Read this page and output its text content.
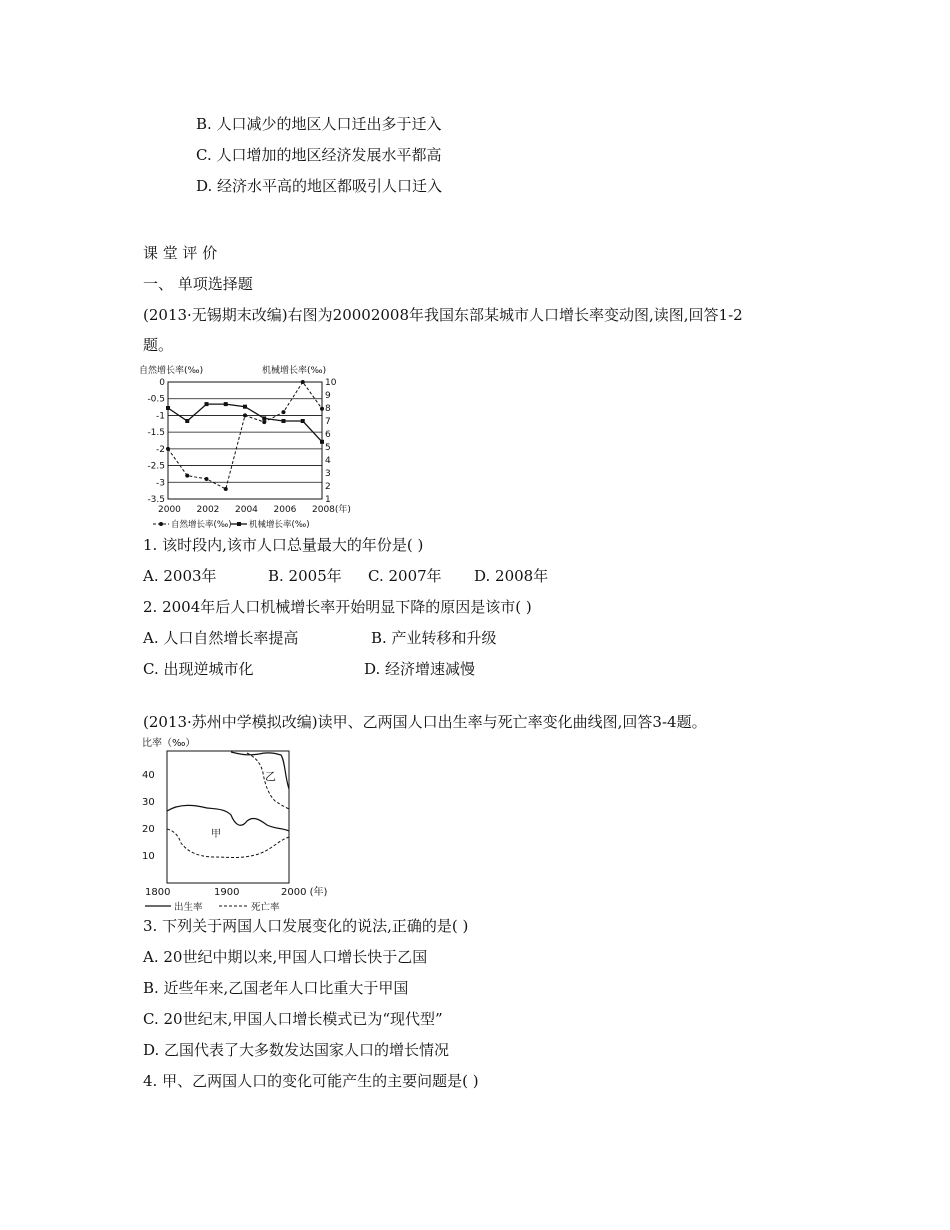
B. 人口减少的地区人口迁出多于迁入
C. 人口增加的地区经济发展水平都高
D. 经济水平高的地区都吸引人口迁入
课 堂 评 价
一、 单项选择题
(2013·无锡期末改编)右图为20002008年我国东部某城市人口增长率变动图,读图,回答1-2
题。
自然增长率(‰)	机械增长率(‰)
0
-0.5
-1
-1.5
-2
-2.5
-3
-3.5
10
9
8
7
6
5
4
3
2
1
2000 2002 2004 2006 2008(年)
自然增长率(‰) 机械增长率(‰)
1. 该时段内,该市人口总量最大的年份是( )
A. 2003年	B. 2005年 C. 2007年 D. 2008年
2. 2004年后人口机械增长率开始明显下降的原因是该市( )
A. 人口自然增长率提高	B. 产业转移和升级
C. 出现逆城市化	D. 经济增速减慢
(2013·苏州中学模拟改编)读甲、乙两国人口出生率与死亡率变化曲线图,回答3-4题。
比率（‰）
40
30
20
10
1800	1900	2000 (年)
甲
乙
出生率	死亡率
3. 下列关于两国人口发展变化的说法,正确的是( )
A. 20世纪中期以来,甲国人口增长快于乙国
B. 近些年来,乙国老年人口比重大于甲国
C. 20世纪末,甲国人口增长模式已为“现代型”
D. 乙国代表了大多数发达国家人口的增长情况
4. 甲、乙两国人口的变化可能产生的主要问题是( )
